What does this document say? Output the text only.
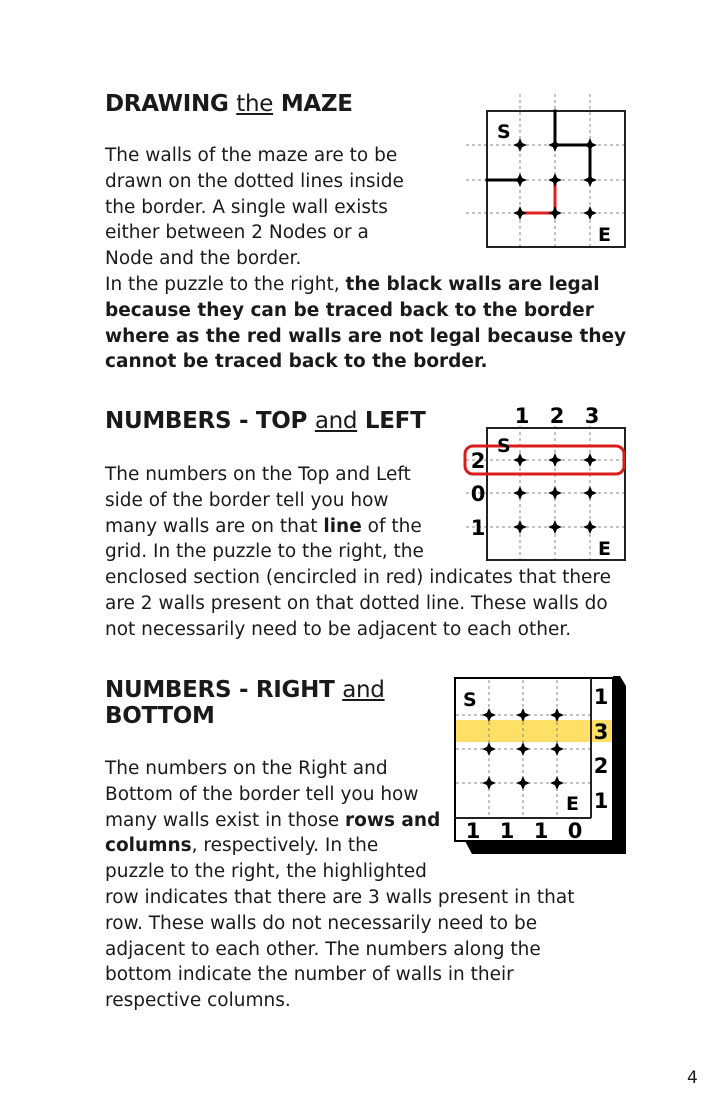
DRAWING the MAZE
The walls of the maze are to be
drawn on the dotted lines inside
the border. A single wall exists
either between 2 Nodes or a
Node and the border.
In the puzzle to the right, the black walls are legal
because they can be traced back to the border
where as the red walls are not legal because they
cannot be traced back to the border.
S
E
NUMBERS - TOP and LEFT
The numbers on the Top and Left
side of the border tell you how
many walls are on that line of the
grid. In the puzzle to the right, the
enclosed section (encircled in red) indicates that there
are 2 walls present on that dotted line. These walls do
not necessarily need to be adjacent to each other.
1 2 3
2
0
1
S
E
NUMBERS - RIGHT and
BOTTOM
The numbers on the Right and
Bottom of the border tell you how
many walls exist in those rows and
columns, respectively. In the
puzzle to the right, the highlighted
row indicates that there are 3 walls present in that
row. These walls do not necessarily need to be
adjacent to each other. The numbers along the
bottom indicate the number of walls in their
respective columns.
1
3
2
1
1 1 1 0
S
E
4
